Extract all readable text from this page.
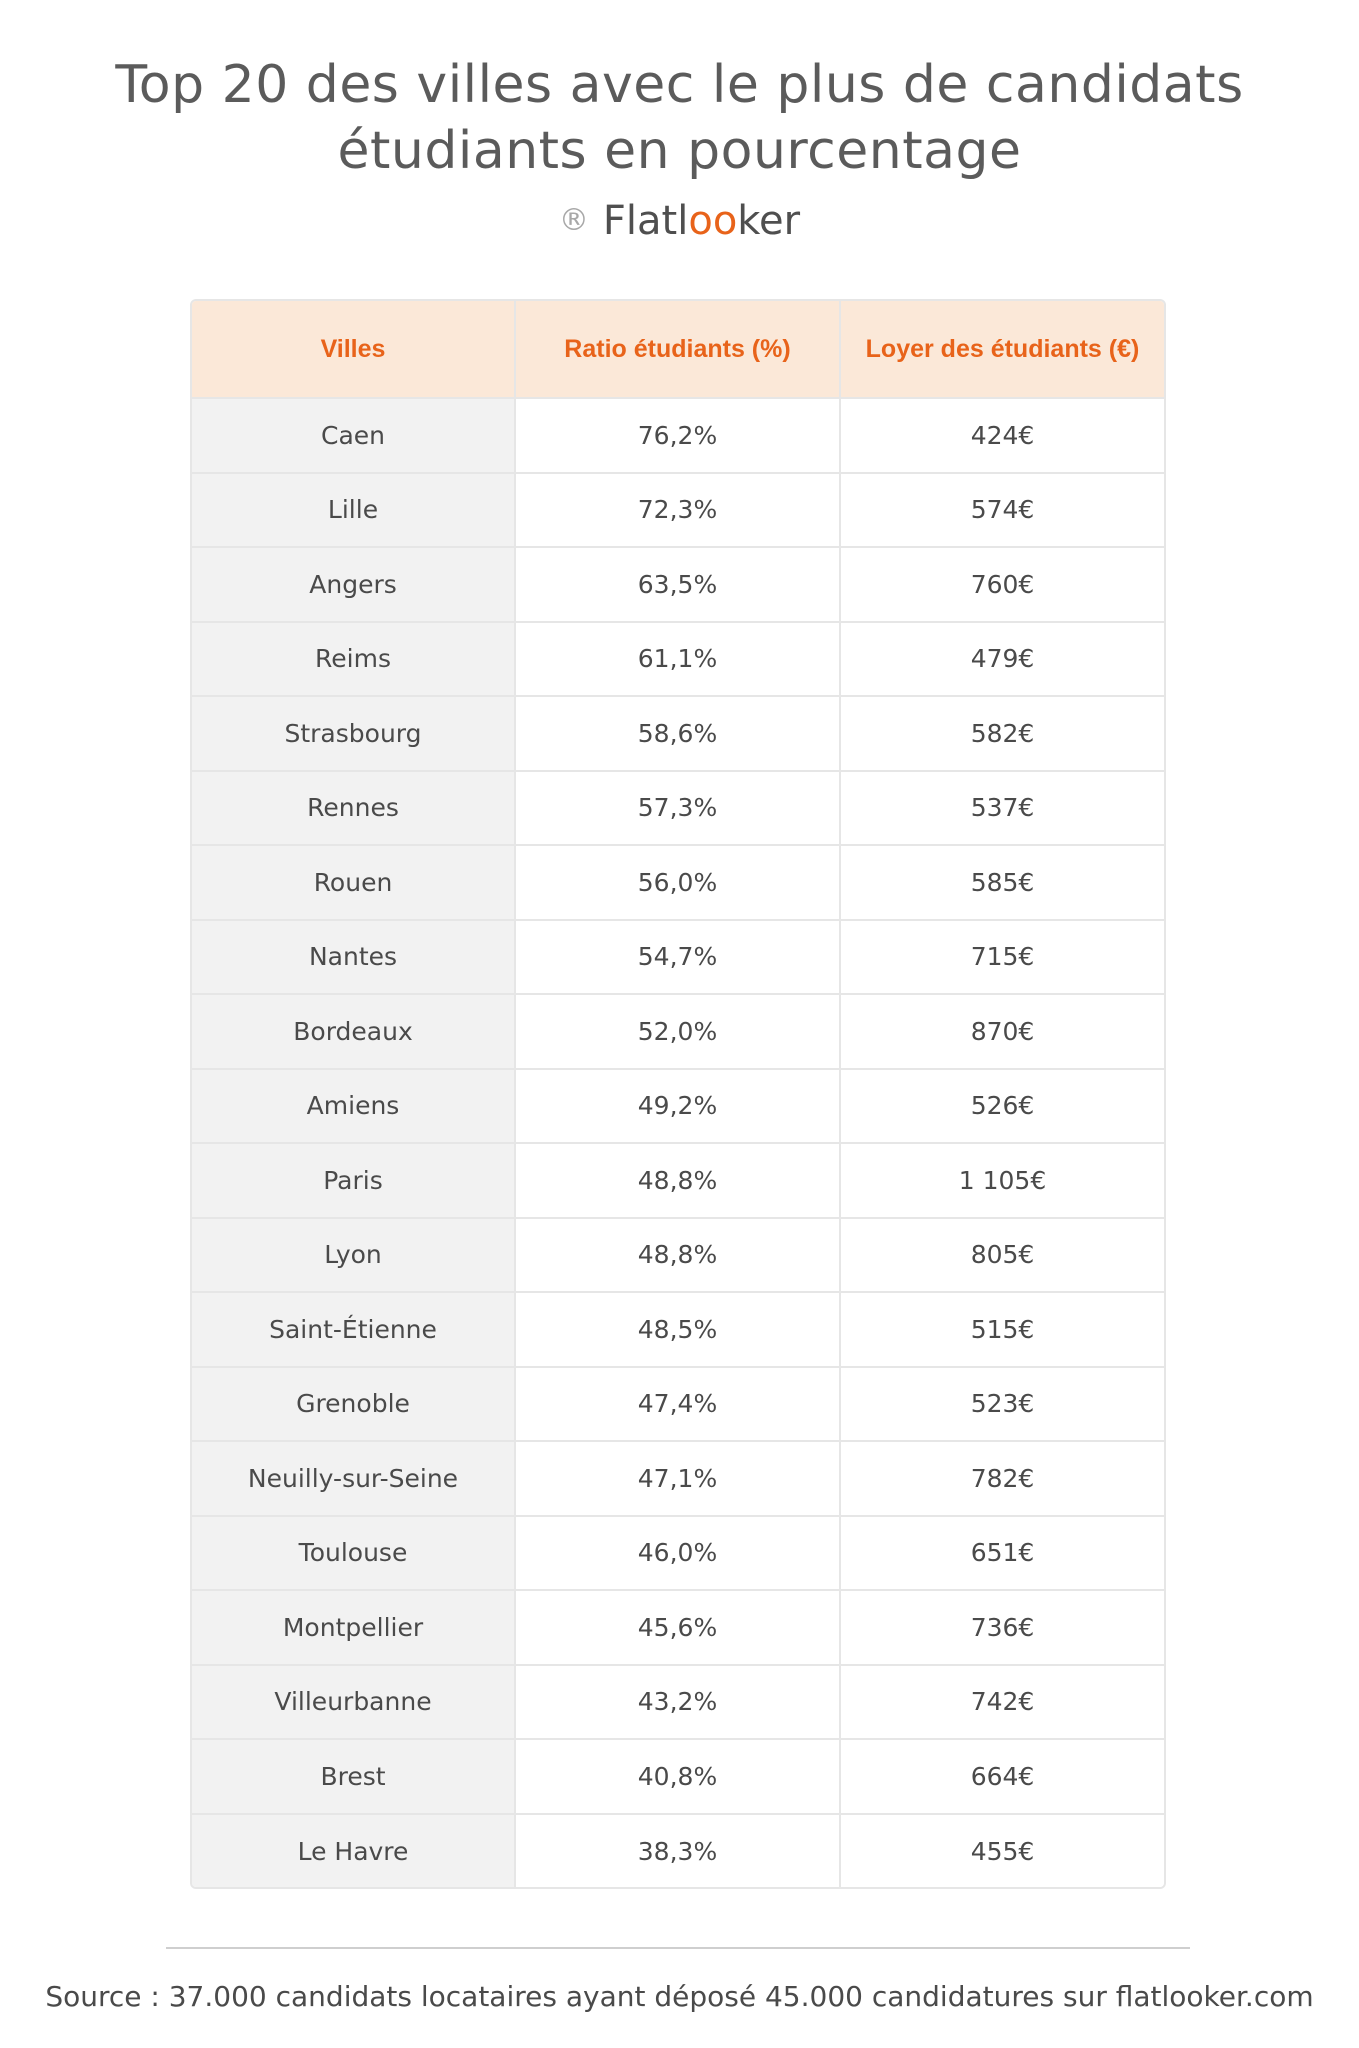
Top 20 des villes avec le plus de candidats
étudiants en pourcentage
® Flatlooker
Villes	Ratio étudiants (%)	Loyer des étudiants (€)
Caen	76,2%	424€
Lille	72,3%	574€
Angers	63,5%	760€
Reims	61,1%	479€
Strasbourg	58,6%	582€
Rennes	57,3%	537€
Rouen	56,0%	585€
Nantes	54,7%	715€
Bordeaux	52,0%	870€
Amiens	49,2%	526€
Paris	48,8%	1 105€
Lyon	48,8%	805€
Saint-Étienne	48,5%	515€
Grenoble	47,4%	523€
Neuilly-sur-Seine	47,1%	782€
Toulouse	46,0%	651€
Montpellier	45,6%	736€
Villeurbanne	43,2%	742€
Brest	40,8%	664€
Le Havre	38,3%	455€
Source : 37.000 candidats locataires ayant déposé 45.000 candidatures sur flatlooker.com
